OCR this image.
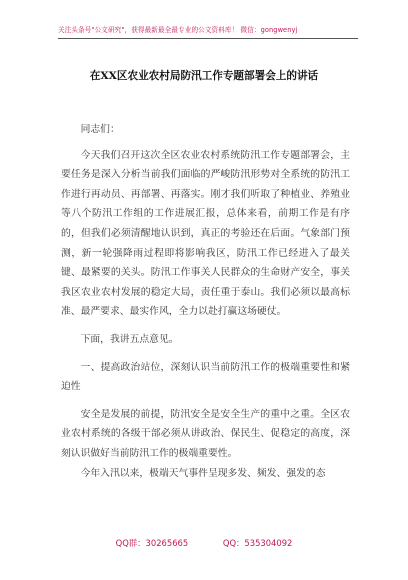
关注头条号"公文研究"，获得最新最全最专业的公文资料库！ 微信：gongwenyj
在XX区农业农村局防汛工作专题部署会上的讲话

同志们：

今天我们召开这次全区农业农村系统防汛工作专题部署会，主要任务是深入分析当前我们面临的严峻防汛形势对全系统的防汛工作进行再动员、再部署、再落实。刚才我们听取了种植业、养殖业等八个防汛工作组的工作进展汇报，总体来看，前期工作是有序的，但我们必须清醒地认识到，真正的考验还在后面。气象部门预测，新一轮强降雨过程即将影响我区，防汛工作已经进入了最关键、最紧要的关头。防汛工作事关人民群众的生命财产安全，事关我区农业农村发展的稳定大局，责任重于泰山。我们必须以最高标准、最严要求、最实作风，全力以赴打赢这场硬仗。

下面，我讲五点意见。

一、提高政治站位，深刻认识当前防汛工作的极端重要性和紧迫性

安全是发展的前提，防汛安全是安全生产的重中之重。全区农业农村系统的各级干部必须从讲政治、保民生、促稳定的高度，深刻认识做好当前防汛工作的极端重要性。

今年入汛以来，极端天气事件呈现多发、频发、强发的态

QQ群：30265665	QQ：535304092
